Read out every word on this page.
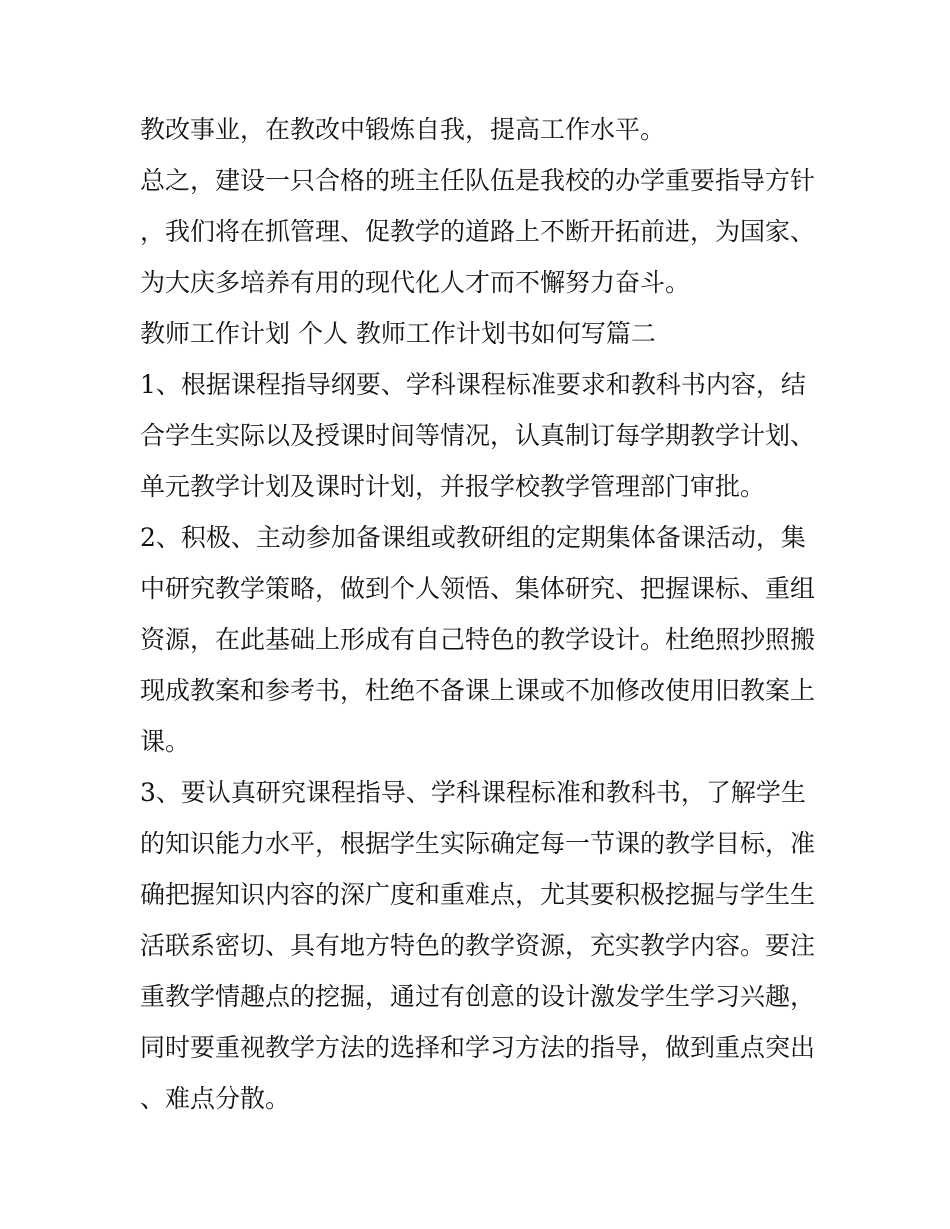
教改事业，在教改中锻炼自我，提高工作水平。

总之，建设一只合格的班主任队伍是我校的办学重要指导方针，我们将在抓管理、促教学的道路上不断开拓前进，为国家、为大庆多培养有用的现代化人才而不懈努力奋斗。

教师工作计划 个人 教师工作计划书如何写篇二

1、根据课程指导纲要、学科课程标准要求和教科书内容，结合学生实际以及授课时间等情况，认真制订每学期教学计划、单元教学计划及课时计划，并报学校教学管理部门审批。

2、积极、主动参加备课组或教研组的定期集体备课活动，集中研究教学策略，做到个人领悟、集体研究、把握课标、重组资源，在此基础上形成有自己特色的教学设计。杜绝照抄照搬现成教案和参考书，杜绝不备课上课或不加修改使用旧教案上课。

3、要认真研究课程指导、学科课程标准和教科书，了解学生的知识能力水平，根据学生实际确定每一节课的教学目标，准确把握知识内容的深广度和重难点，尤其要积极挖掘与学生生活联系密切、具有地方特色的教学资源，充实教学内容。要注重教学情趣点的挖掘，通过有创意的设计激发学生学习兴趣，同时要重视教学方法的选择和学习方法的指导，做到重点突出、难点分散。
